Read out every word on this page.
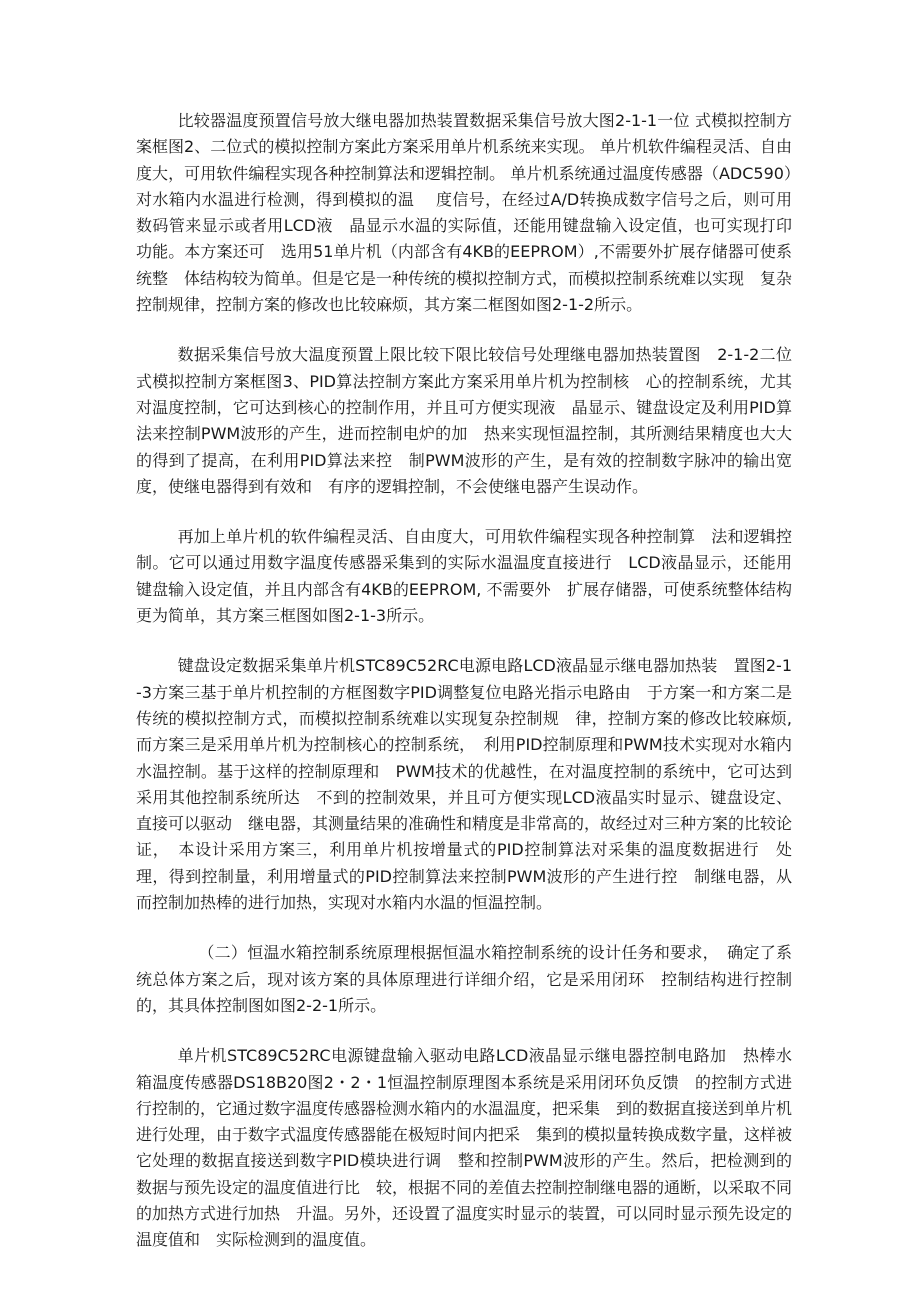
比较器温度预置信号放大继电器加热装置数据采集信号放大图2-1-1一位 式模拟控制方案框图2、二位式的模拟控制方案此方案采用单片机系统来实现。 单片机软件编程灵活、自由度大，可用软件编程实现各种控制算法和逻辑控制。 单片机系统通过温度传感器（ADC590）对水箱内水温进行检测，得到模拟的温　 度信号，在经过A/D转换成数字信号之后，则可用数码管来显示或者用LCD液　晶显示水温的实际值，还能用键盘输入设定值，也可实现打印功能。本方案还可　选用51单片机（内部含有4KB的EEPROM）,不需要外扩展存储器可使系统整　体结构较为简单。但是它是一种传统的模拟控制方式，而模拟控制系统难以实现　复杂控制规律，控制方案的修改也比较麻烦，其方案二框图如图2-1-2所示。

数据采集信号放大温度预置上限比较下限比较信号处理继电器加热装置图　2-1-2二位式模拟控制方案框图3、PID算法控制方案此方案采用单片机为控制核　心的控制系统，尤其对温度控制，它可达到核心的控制作用，并且可方便实现液　晶显示、键盘设定及利用PID算法来控制PWM波形的产生，进而控制电炉的加　热来实现恒温控制，其所测结果精度也大大的得到了提高，在利用PID算法来控　制PWM波形的产生，是有效的控制数字脉冲的输出宽度，使继电器得到有效和　有序的逻辑控制，不会使继电器产生误动作。

再加上单片机的软件编程灵活、自由度大，可用软件编程实现各种控制算　法和逻辑控制。它可以通过用数字温度传感器采集到的实际水温温度直接进行　LCD液晶显示，还能用键盘输入设定值，并且内部含有4KB的EEPROM, 不需要外　扩展存储器，可使系统整体结构更为简单，其方案三框图如图2-1-3所示。

键盘设定数据采集单片机STC89C52RC电源电路LCD液晶显示继电器加热装　置图2-1-3方案三基于单片机控制的方框图数字PID调整复位电路光指示电路由　于方案一和方案二是传统的模拟控制方式，而模拟控制系统难以实现复杂控制规　律，控制方案的修改比较麻烦,而方案三是采用单片机为控制核心的控制系统，　利用PID控制原理和PWM技术实现对水箱内水温控制。基于这样的控制原理和　PWM技术的优越性，在对温度控制的系统中，它可达到采用其他控制系统所达　不到的控制效果，并且可方便实现LCD液晶实时显示、键盘设定、直接可以驱动　继电器，其测量结果的准确性和精度是非常高的，故经过对三种方案的比较论证，　本设计采用方案三，利用单片机按增量式的PID控制算法对采集的温度数据进行　处理，得到控制量，利用增量式的PID控制算法来控制PWM波形的产生进行控　制继电器，从而控制加热棒的进行加热，实现对水箱内水温的恒温控制。

（二）恒温水箱控制系统原理根据恒温水箱控制系统的设计任务和要求，　确定了系统总体方案之后，现对该方案的具体原理进行详细介绍，它是采用闭环　控制结构进行控制的，其具体控制图如图2-2-1所示。

单片机STC89C52RC电源键盘输入驱动电路LCD液晶显示继电器控制电路加　热棒水箱温度传感器DS18B20图2・2・1恒温控制原理图本系统是采用闭环负反馈　的控制方式进行控制的，它通过数字温度传感器检测水箱内的水温温度，把采集　到的数据直接送到单片机进行处理，由于数字式温度传感器能在极短时间内把采　集到的模拟量转换成数字量，这样被它处理的数据直接送到数字PID模块进行调　整和控制PWM波形的产生。然后，把检测到的数据与预先设定的温度值进行比　较，根据不同的差值去控制控制继电器的通断，以采取不同的加热方式进行加热　升温。另外，还设置了温度实时显示的装置，可以同时显示预先设定的温度值和　实际检测到的温度值。
